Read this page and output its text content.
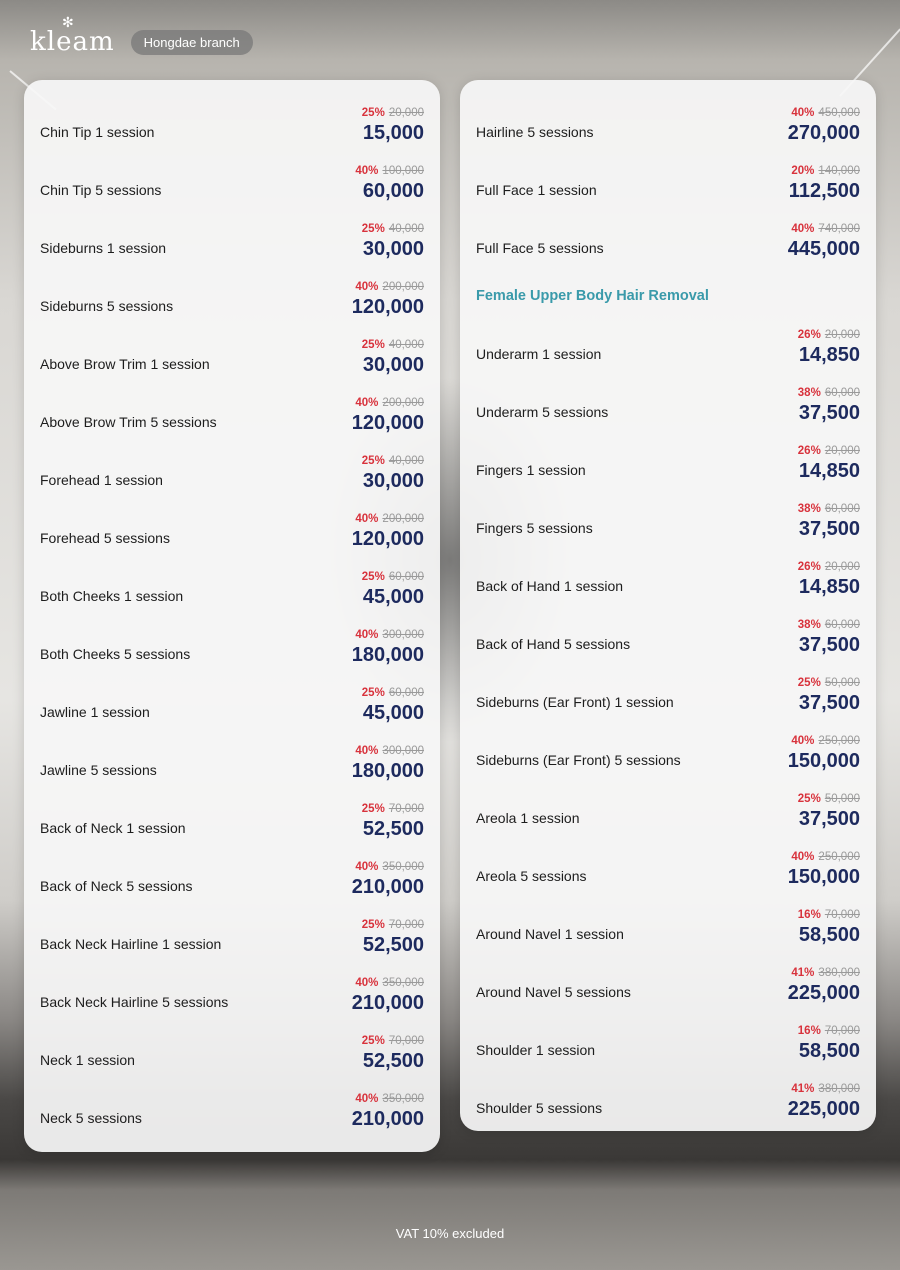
✻
kleam	Hongdae branch
Chin Tip 1 session
25% 20,000
15,000
Chin Tip 5 sessions
40% 100,000
60,000
Sideburns 1 session
25% 40,000
30,000
Sideburns 5 sessions
40% 200,000
120,000
Above Brow Trim 1 session
25% 40,000
30,000
Above Brow Trim 5 sessions
40% 200,000
120,000
Forehead 1 session
25% 40,000
30,000
Forehead 5 sessions
40% 200,000
120,000
Both Cheeks 1 session
25% 60,000
45,000
Both Cheeks 5 sessions
40% 300,000
180,000
Jawline 1 session
25% 60,000
45,000
Jawline 5 sessions
40% 300,000
180,000
Back of Neck 1 session
25% 70,000
52,500
Back of Neck 5 sessions
40% 350,000
210,000
Back Neck Hairline 1 session
25% 70,000
52,500
Back Neck Hairline 5 sessions
40% 350,000
210,000
Neck 1 session
25% 70,000
52,500
Neck 5 sessions
40% 350,000
210,000
Hairline 5 sessions
40% 450,000
270,000
Full Face 1 session
20% 140,000
112,500
Full Face 5 sessions
40% 740,000
445,000
Female Upper Body Hair Removal
Underarm 1 session
26% 20,000
14,850
Underarm 5 sessions
38% 60,000
37,500
Fingers 1 session
26% 20,000
14,850
Fingers 5 sessions
38% 60,000
37,500
Back of Hand 1 session
26% 20,000
14,850
Back of Hand 5 sessions
38% 60,000
37,500
Sideburns (Ear Front) 1 session
25% 50,000
37,500
Sideburns (Ear Front) 5 sessions
40% 250,000
150,000
Areola 1 session
25% 50,000
37,500
Areola 5 sessions
40% 250,000
150,000
Around Navel 1 session
16% 70,000
58,500
Around Navel 5 sessions
41% 380,000
225,000
Shoulder 1 session
16% 70,000
58,500
Shoulder 5 sessions
41% 380,000
225,000
VAT 10% excluded
